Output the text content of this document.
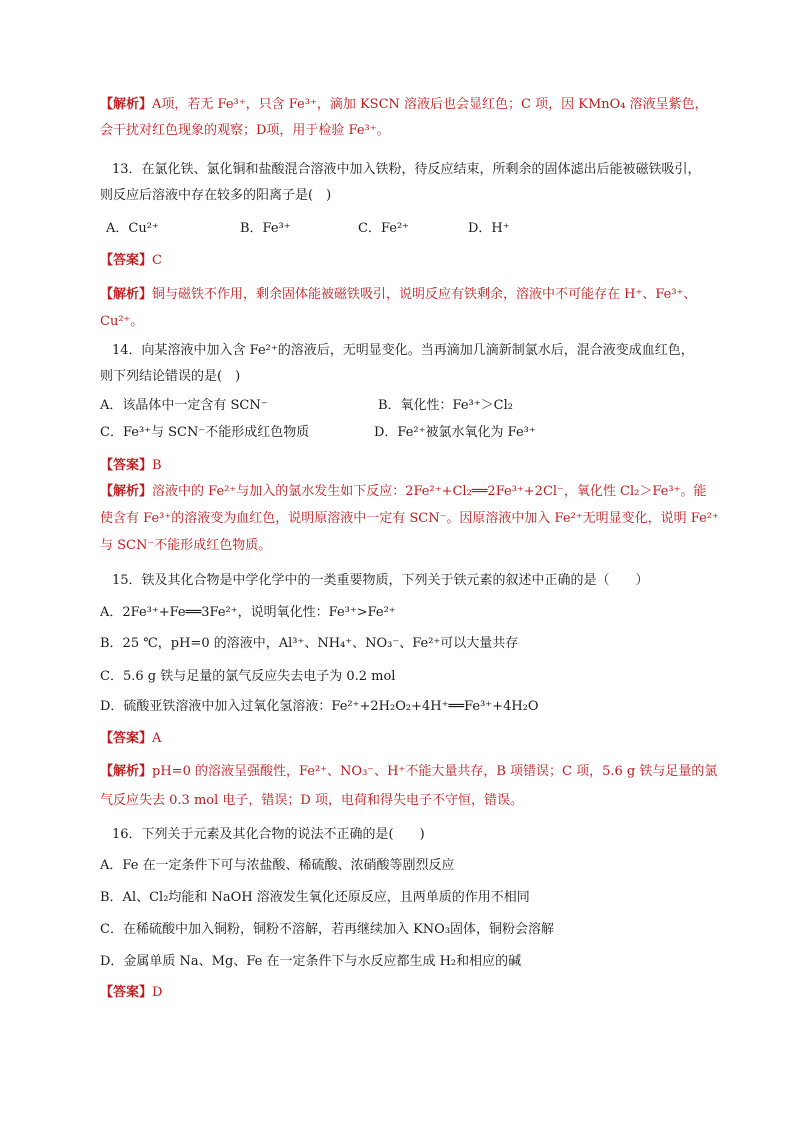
【解析】A项，若无 Fe³⁺，只含 Fe³⁺，滴加 KSCN 溶液后也会显红色；C 项，因 KMnO₄ 溶液呈紫色，
会干扰对红色现象的观察；D项，用于检验 Fe³⁺。
13．在氯化铁、氯化铜和盐酸混合溶液中加入铁粉，待反应结束，所剩余的固体滤出后能被磁铁吸引，
则反应后溶液中存在较多的阳离子是(　)
A．Cu²⁺	B．Fe³⁺	C．Fe²⁺	D．H⁺
【答案】C
【解析】铜与磁铁不作用，剩余固体能被磁铁吸引，说明反应有铁剩余，溶液中不可能存在 H⁺、Fe³⁺、
Cu²⁺。
14．向某溶液中加入含 Fe²⁺的溶液后，无明显变化。当再滴加几滴新制氯水后，混合液变成血红色，
则下列结论错误的是(　)
A．该晶体中一定含有 SCN⁻	B．氧化性：Fe³⁺＞Cl₂
C．Fe³⁺与 SCN⁻不能形成红色物质	D．Fe²⁺被氯水氧化为 Fe³⁺
【答案】B
【解析】溶液中的 Fe²⁺与加入的氯水发生如下反应：2Fe²⁺+Cl₂══2Fe³⁺+2Cl⁻，氧化性 Cl₂＞Fe³⁺。能
使含有 Fe³⁺的溶液变为血红色，说明原溶液中一定有 SCN⁻。因原溶液中加入 Fe²⁺无明显变化，说明 Fe²⁺
与 SCN⁻不能形成红色物质。
15．铁及其化合物是中学化学中的一类重要物质，下列关于铁元素的叙述中正确的是（　　）
A．2Fe³⁺+Fe══3Fe²⁺，说明氧化性：Fe³⁺>Fe²⁺
B．25 ℃，pH=0 的溶液中，Al³⁺、NH₄⁺、NO₃⁻、Fe²⁺可以大量共存
C．5.6 g 铁与足量的氯气反应失去电子为 0.2 mol
D．硫酸亚铁溶液中加入过氧化氢溶液：Fe²⁺+2H₂O₂+4H⁺══Fe³⁺+4H₂O
【答案】A
【解析】pH=0 的溶液呈强酸性，Fe²⁺、NO₃⁻、H⁺不能大量共存，B 项错误；C 项，5.6 g 铁与足量的氯
气反应失去 0.3 mol 电子，错误；D 项，电荷和得失电子不守恒，错误。
16．下列关于元素及其化合物的说法不正确的是(　　)
A．Fe 在一定条件下可与浓盐酸、稀硫酸、浓硝酸等剧烈反应
B．Al、Cl₂均能和 NaOH 溶液发生氧化还原反应，且两单质的作用不相同
C．在稀硫酸中加入铜粉，铜粉不溶解，若再继续加入 KNO₃固体，铜粉会溶解
D．金属单质 Na、Mg、Fe 在一定条件下与水反应都生成 H₂和相应的碱
【答案】D
